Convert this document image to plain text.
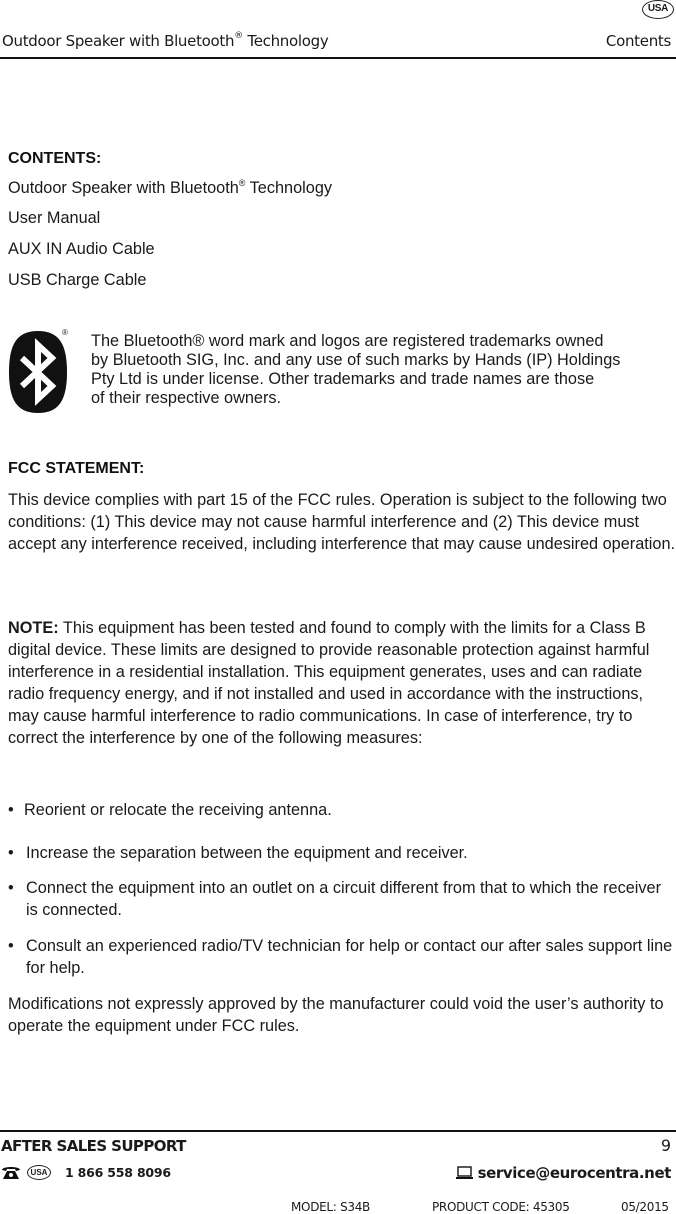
USA
Outdoor Speaker with Bluetooth® Technology	Contents
CONTENTS:
Outdoor Speaker with Bluetooth® Technology
User Manual
AUX IN Audio Cable
USB Charge Cable
® The Bluetooth® word mark and logos are registered trademarks owned
by Bluetooth SIG, Inc. and any use of such marks by Hands (IP) Holdings
Pty Ltd is under license. Other trademarks and trade names are those
of their respective owners.
FCC STATEMENT:
This device complies with part 15 of the FCC rules. Operation is subject to the following two conditions: (1) This device may not cause harmful interference and (2) This device must accept any interference received, including interference that may cause undesired operation.
NOTE: This equipment has been tested and found to comply with the limits for a Class B digital device. These limits are designed to provide reasonable protection against harmful interference in a residential installation. This equipment generates, uses and can radiate radio frequency energy, and if not installed and used in accordance with the instructions, may cause harmful interference to radio communications. In case of interference, try to correct the interference by one of the following measures:
• Reorient or relocate the receiving antenna.
• Increase the separation between the equipment and receiver.
• Connect the equipment into an outlet on a circuit different from that to which the receiver is connected.
• Consult an experienced radio/TV technician for help or contact our after sales support line for help.
Modifications not expressly approved by the manufacturer could void the user’s authority to operate the equipment under FCC rules.
AFTER SALES SUPPORT	9
USA 1 866 558 8096	service@eurocentra.net
MODEL: S34B	PRODUCT CODE: 45305	05/2015
